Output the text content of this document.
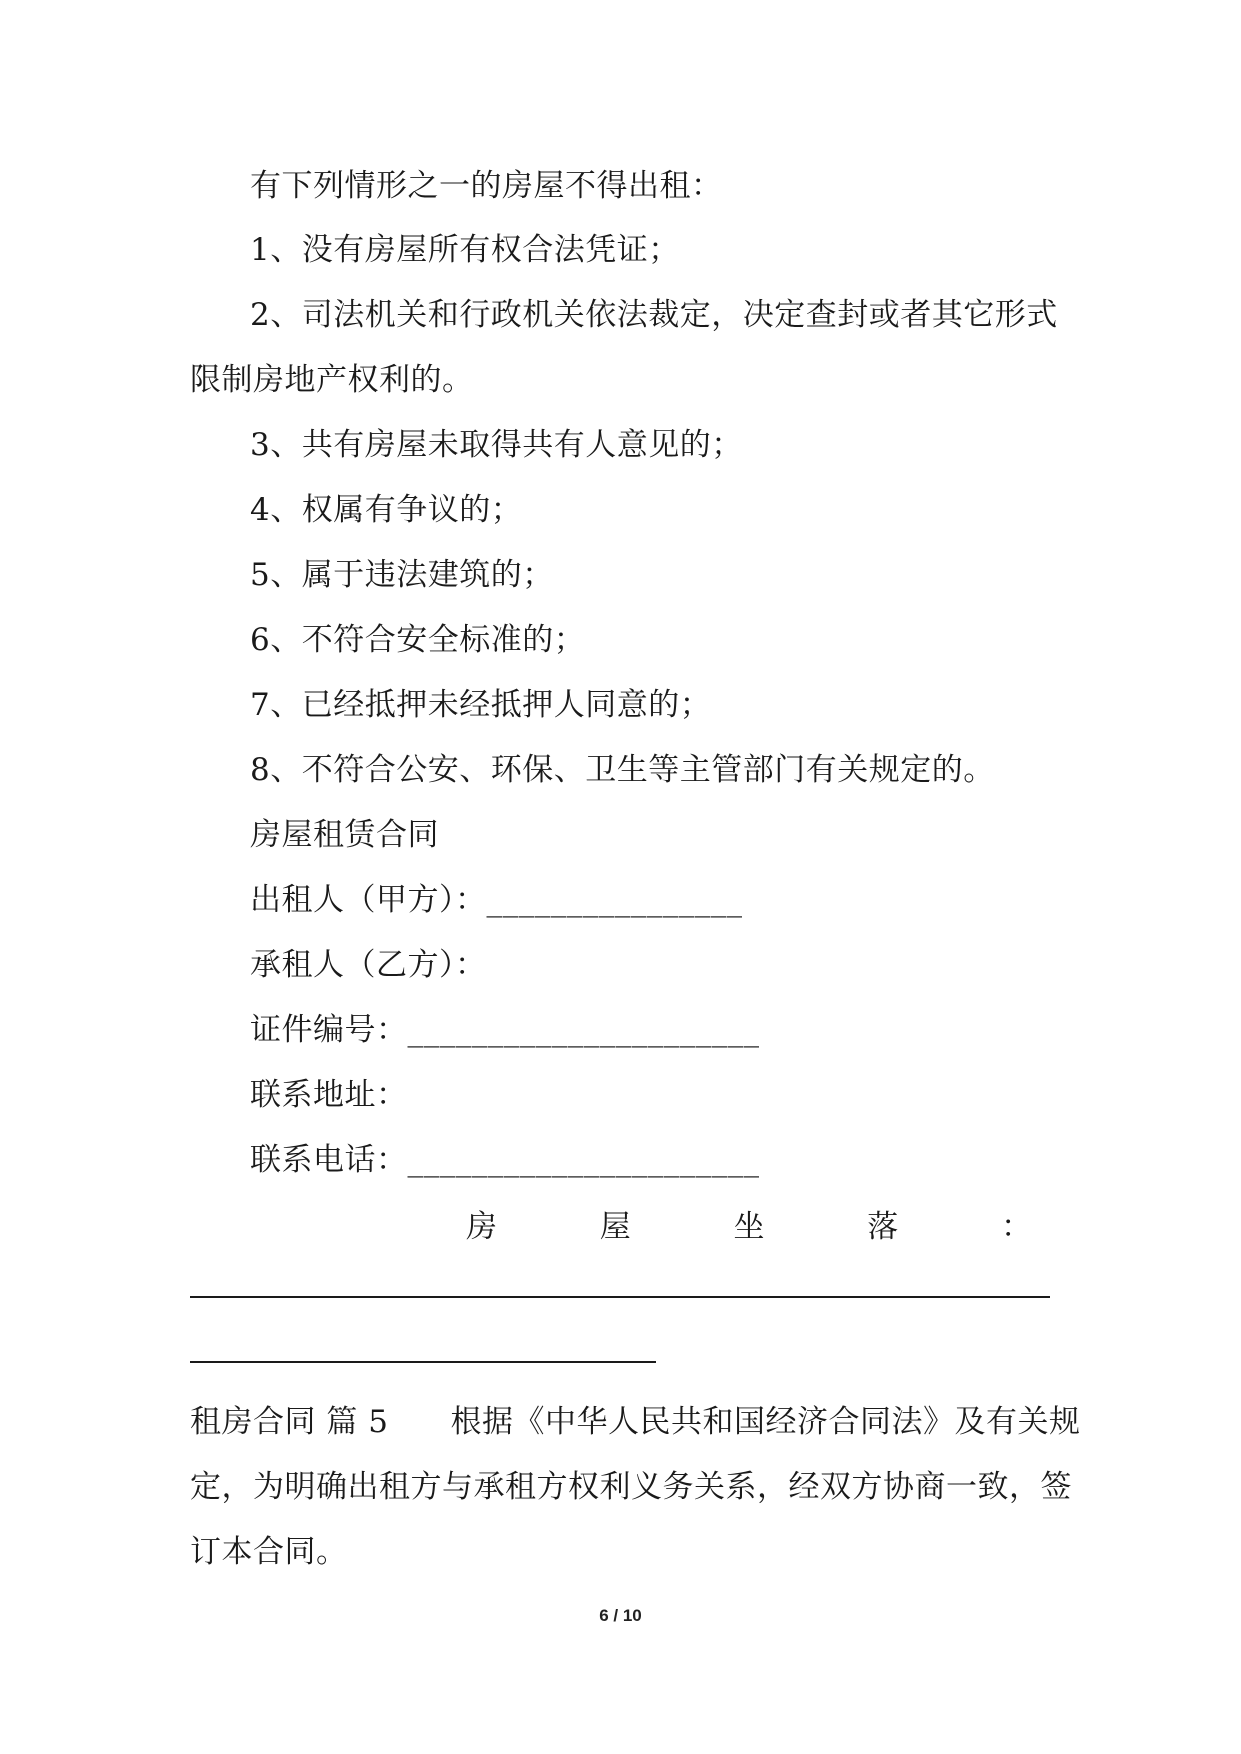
有下列情形之一的房屋不得出租：
1、没有房屋所有权合法凭证；
2、司法机关和行政机关依法裁定，决定查封或者其它形式
限制房地产权利的。
3、共有房屋未取得共有人意见的；
4、权属有争议的；
5、属于违法建筑的；
6、不符合安全标准的；
7、已经抵押未经抵押人同意的；
8、不符合公安、环保、卫生等主管部门有关规定的。
房屋租赁合同
出租人（甲方）：________________
承租人（乙方）：
证件编号：______________________
联系地址：
联系电话：______________________
房	屋	坐	落	：
租房合同 篇 5      根据《中华人民共和国经济合同法》及有关规
定，为明确出租方与承租方权利义务关系，经双方协商一致，签
订本合同。
6 / 10
